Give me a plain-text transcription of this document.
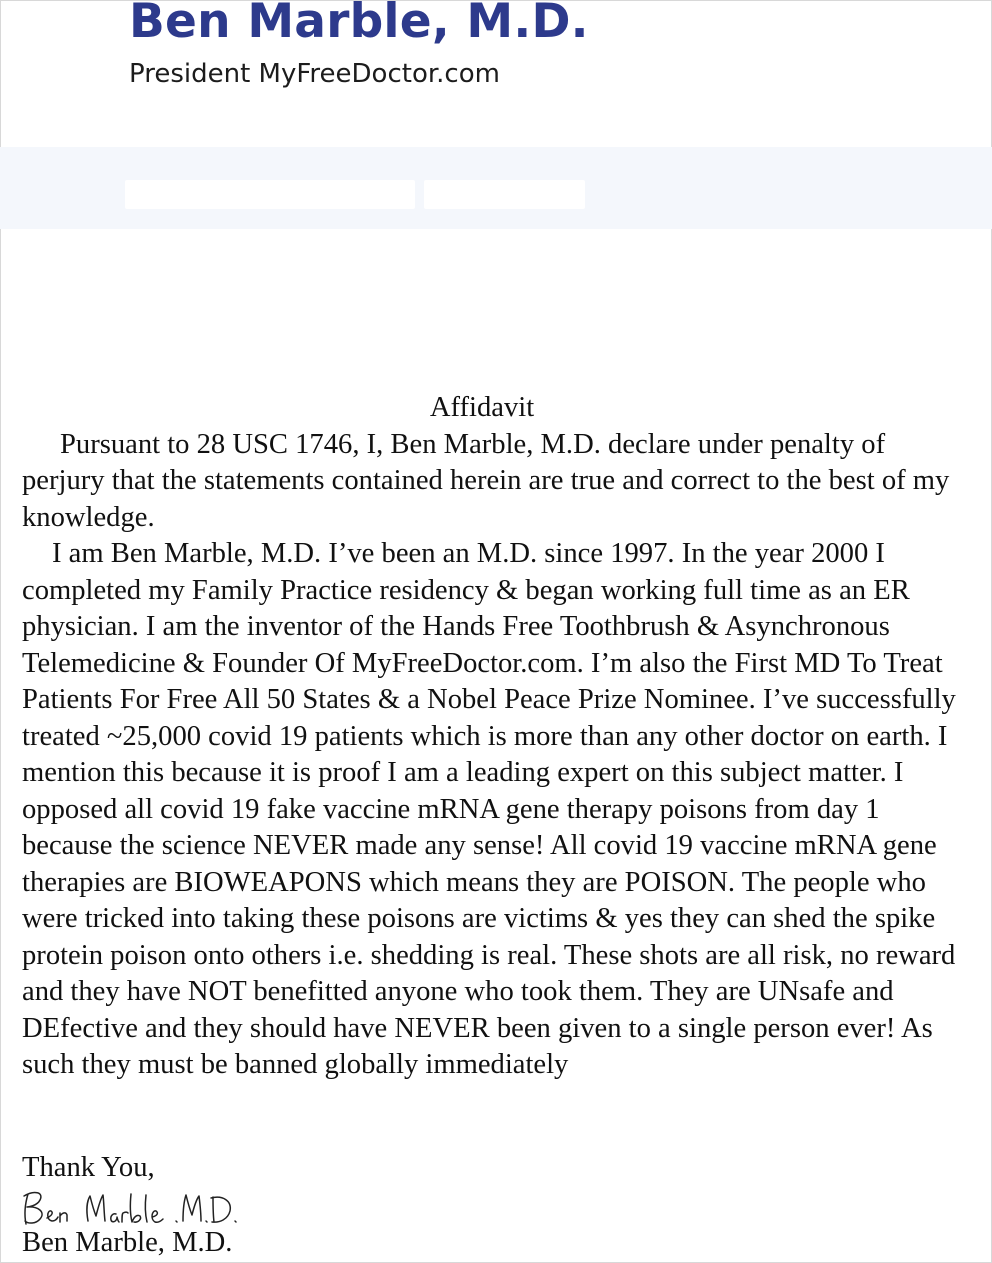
Ben Marble, M.D.
President MyFreeDoctor.com

Affidavit

Pursuant to 28 USC 1746, I, Ben Marble, M.D. declare under penalty of perjury that the statements contained herein are true and correct to the best of my knowledge.

I am Ben Marble, M.D. I’ve been an M.D. since 1997. In the year 2000 I completed my Family Practice residency & began working full time as an ER physician. I am the inventor of the Hands Free Toothbrush & Asynchronous Telemedicine & Founder Of MyFreeDoctor.com. I’m also the First MD To Treat Patients For Free All 50 States & a Nobel Peace Prize Nominee. I’ve successfully treated ~25,000 covid 19 patients which is more than any other doctor on earth. I mention this because it is proof I am a leading expert on this subject matter. I opposed all covid 19 fake vaccine mRNA gene therapy poisons from day 1 because the science NEVER made any sense! All covid 19 vaccine mRNA gene therapies are BIOWEAPONS which means they are POISON. The people who were tricked into taking these poisons are victims & yes they can shed the spike protein poison onto others i.e. shedding is real. These shots are all risk, no reward and they have NOT benefitted anyone who took them. They are UNsafe and DEfective and they should have NEVER been given to a single person ever! As such they must be banned globally immediately

Thank You,
Ben Marble, M.D.
